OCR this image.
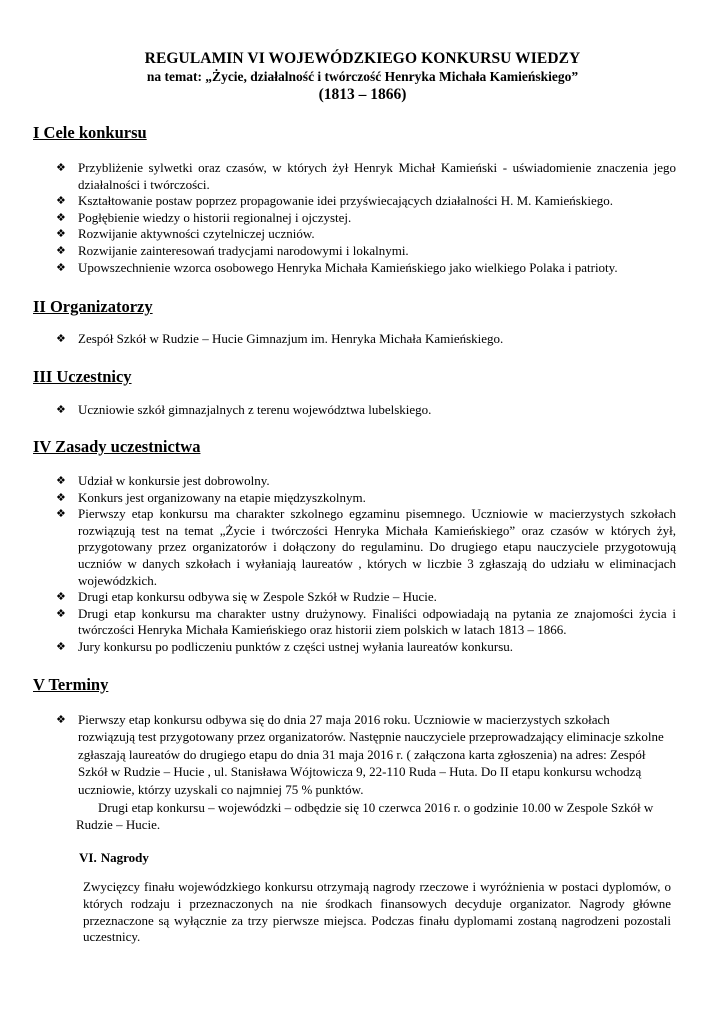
REGULAMIN VI WOJEWÓDZKIEGO KONKURSU WIEDZY
na temat: „Życie, działalność i twórczość Henryka Michała Kamieńskiego”
(1813 – 1866)
I Cele konkursu
❖ Przybliżenie sylwetki oraz czasów, w których żył Henryk Michał Kamieński - uświadomienie znaczenia jego działalności i twórczości.
❖ Kształtowanie postaw poprzez propagowanie idei przyświecających działalności H. M. Kamieńskiego.
❖ Pogłębienie wiedzy o historii regionalnej i ojczystej.
❖ Rozwijanie aktywności czytelniczej uczniów.
❖ Rozwijanie zainteresowań tradycjami narodowymi i lokalnymi.
❖ Upowszechnienie wzorca osobowego Henryka Michała Kamieńskiego jako wielkiego Polaka i patrioty.
II Organizatorzy
❖ Zespół Szkół w Rudzie – Hucie Gimnazjum im. Henryka Michała Kamieńskiego.
III Uczestnicy
❖ Uczniowie szkół gimnazjalnych z terenu województwa lubelskiego.
IV Zasady uczestnictwa
❖ Udział w konkursie jest dobrowolny.
❖ Konkurs jest organizowany na etapie międzyszkolnym.
❖ Pierwszy etap konkursu ma charakter szkolnego egzaminu pisemnego. Uczniowie w macierzystych szkołach rozwiązują test na temat „Życie i twórczości Henryka Michała Kamieńskiego” oraz czasów w których żył, przygotowany przez organizatorów i dołączony do regulaminu. Do drugiego etapu nauczyciele przygotowują uczniów w danych szkołach i wyłaniają laureatów , których w liczbie 3 zgłaszają do udziału w eliminacjach wojewódzkich.
❖ Drugi etap konkursu odbywa się w Zespole Szkół w Rudzie – Hucie.
❖ Drugi etap konkursu ma charakter ustny drużynowy. Finaliści odpowiadają na pytania ze znajomości życia i twórczości Henryka Michała Kamieńskiego oraz historii ziem polskich w latach 1813 – 1866.
❖ Jury konkursu po podliczeniu punktów z części ustnej wyłania laureatów konkursu.
V Terminy
❖ Pierwszy etap konkursu odbywa się do dnia 27 maja 2016 roku. Uczniowie w macierzystych szkołach rozwiązują test przygotowany przez organizatorów. Następnie nauczyciele przeprowadzający eliminacje szkolne zgłaszają laureatów do drugiego etapu do dnia 31 maja 2016 r. ( załączona karta zgłoszenia) na adres: Zespół Szkół w Rudzie – Hucie , ul. Stanisława Wójtowicza 9, 22-110 Ruda – Huta. Do II etapu konkursu wchodzą uczniowie, którzy uzyskali co najmniej 75 % punktów.

Drugi etap konkursu – wojewódzki – odbędzie się 10 czerwca 2016 r. o godzinie 10.00 w Zespole Szkół w Rudzie – Hucie.

VI. Nagrody

Zwycięzcy finału wojewódzkiego konkursu otrzymają nagrody rzeczowe i wyróżnienia w postaci dyplomów, o których rodzaju i przeznaczonych na nie środkach finansowych decyduje organizator. Nagrody główne przeznaczone są wyłącznie za trzy pierwsze miejsca. Podczas finału dyplomami zostaną nagrodzeni pozostali uczestnicy.
